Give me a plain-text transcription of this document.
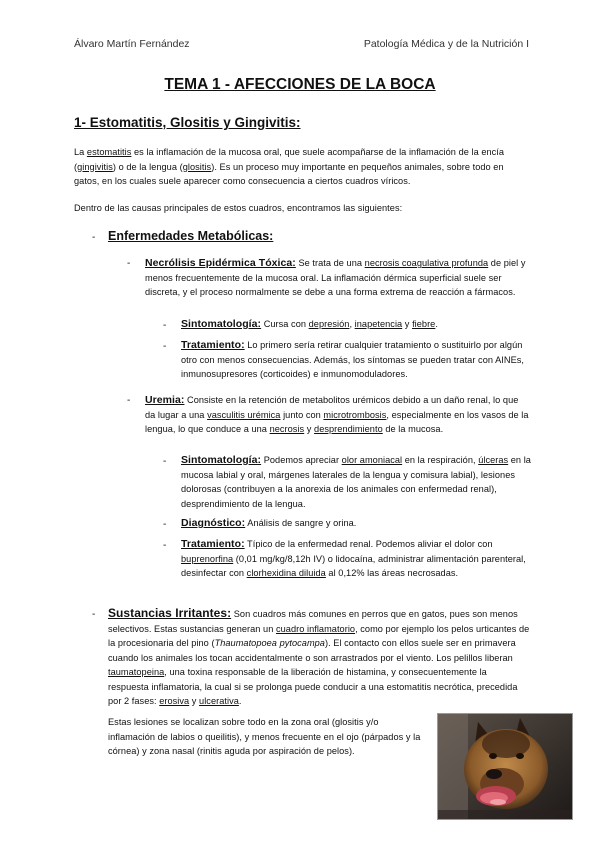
Álvaro Martín Fernández	Patología Médica y de la Nutrición I
TEMA 1 - AFECCIONES DE LA BOCA
1- Estomatitis, Glositis y Gingivitis:
La estomatitis es la inflamación de la mucosa oral, que suele acompañarse de la inflamación de la encía (gingivitis) o de la lengua (glositis). Es un proceso muy importante en pequeños animales, sobre todo en gatos, en los cuales suele aparecer como consecuencia a ciertos cuadros víricos.
Dentro de las causas principales de estos cuadros, encontramos las siguientes:
- Enfermedades Metabólicas:
- Necrólisis Epidérmica Tóxica: Se trata de una necrosis coagulativa profunda de piel y menos frecuentemente de la mucosa oral. La inflamación dérmica superficial suele ser discreta, y el proceso normalmente se debe a una forma extrema de reacción a fármacos.
- Sintomatología: Cursa con depresión, inapetencia y fiebre.
- Tratamiento: Lo primero sería retirar cualquier tratamiento o sustituirlo por algún otro con menos consecuencias. Además, los síntomas se pueden tratar con AINEs, inmunosupresores (corticoides) e inmunomoduladores.
- Uremia: Consiste en la retención de metabolitos urémicos debido a un daño renal, lo que da lugar a una vasculitis urémica junto con microtrombosis, especialmente en los vasos de la lengua, lo que conduce a una necrosis y desprendimiento de la mucosa.
- Sintomatología: Podemos apreciar olor amoniacal en la respiración, úlceras en la mucosa labial y oral, márgenes laterales de la lengua y comisura labial), lesiones dolorosas (contribuyen a la anorexia de los animales con enfermedad renal), desprendimiento de la lengua.
- Diagnóstico: Análisis de sangre y orina.
- Tratamiento: Típico de la enfermedad renal. Podemos aliviar el dolor con buprenorfina (0,01 mg/kg/8,12h IV) o lidocaína, administrar alimentación parenteral, desinfectar con clorhexidina diluida al 0,12% las áreas necrosadas.
- Sustancias Irritantes: Son cuadros más comunes en perros que en gatos, pues son menos selectivos. Estas sustancias generan un cuadro inflamatorio, como por ejemplo los pelos urticantes de la procesionaria del pino (Thaumatopoea pytocampa). El contacto con ellos suele ser en primavera cuando los animales los tocan accidentalmente o son arrastrados por el viento. Los pelillos liberan taumatopeina, una toxina responsable de la liberación de histamina, y consecuentemente la respuesta inflamatoria, la cual si se prolonga puede conducir a una estomatitis necrótica, precedida por 2 fases: erosiva y ulcerativa.
Estas lesiones se localizan sobre todo en la zona oral (glositis y/o inflamación de labios o queilitis), y menos frecuente en el ojo (párpados y la córnea) y zona nasal (rinitis aguda por aspiración de pelos).
